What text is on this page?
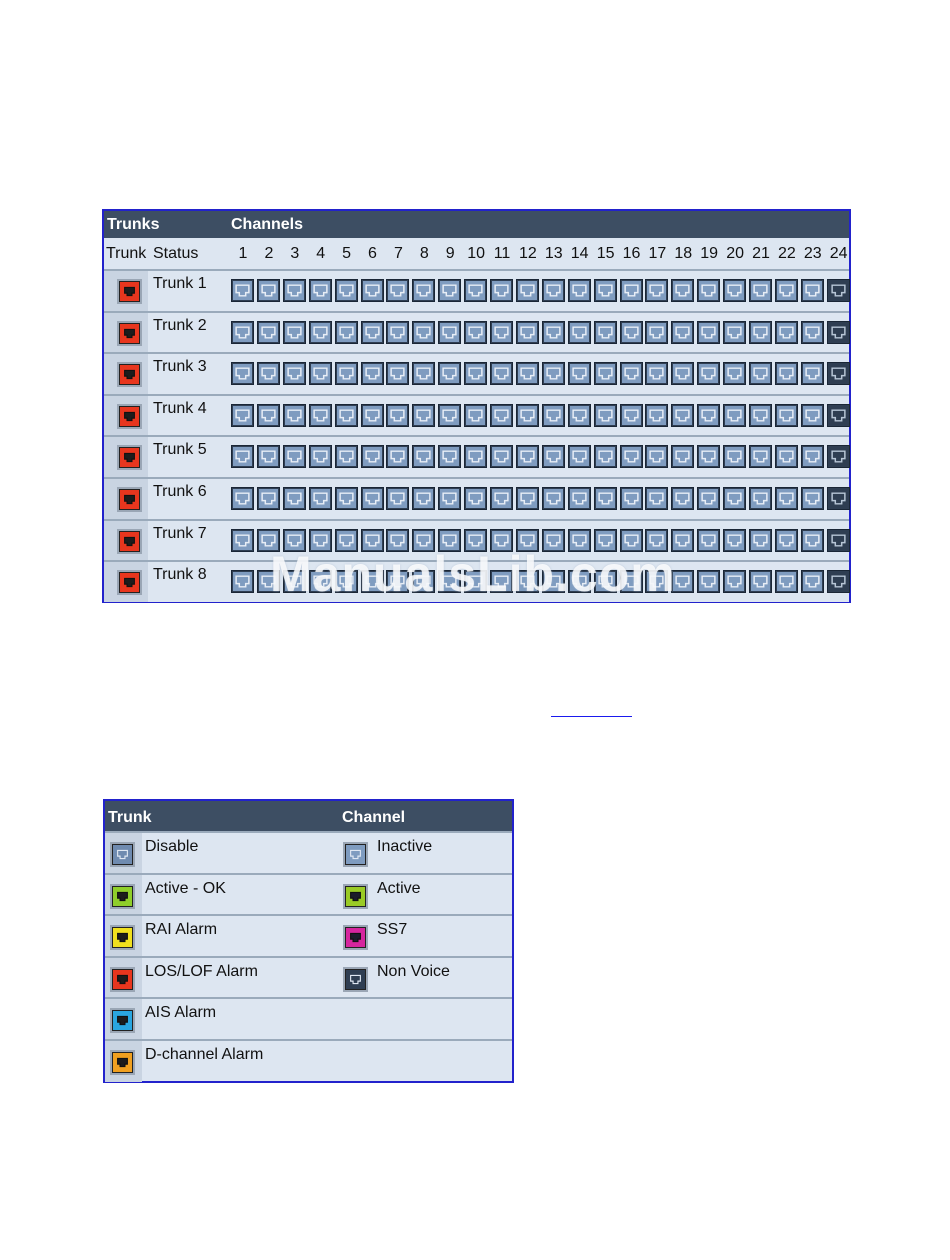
Trunks	Channels
Trunk Status	1	2	3	4	5	6	7	8	9 10 11 12 13 14 15 16 17 18 19 20 21 22 23 24
Trunk 1
Trunk 2
Trunk 3
Trunk 4
Trunk 5
Trunk 6
Trunk 7
Trunk 8 ManualsLib.com
Trunk	Channel
Disable	Inactive
Active - OK	Active
RAI Alarm	SS7
LOS/LOF Alarm	Non Voice
AIS Alarm
D-channel Alarm
